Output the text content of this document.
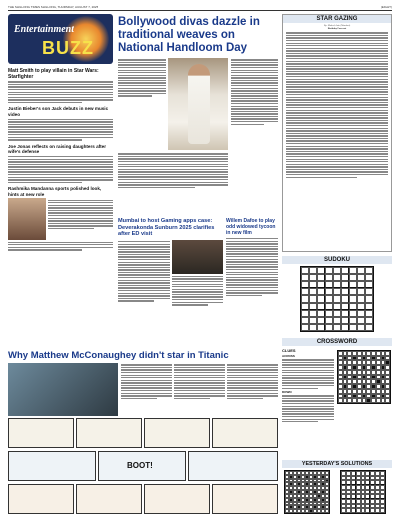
THE SHILLONG TIMES SHILLONG, THURSDAY, AUGUST 7, 2025	(EIGHT)
Entertainment
BUZZ
Bollywood divas dazzle in traditional weaves on National Handloom Day
Matt Smith to play villain in Star Wars: Starfighter
Justin Bieber's son Jack debuts in new music video
Joe Jonas reflects on raising daughters after wife's defense
Rashmika Mandanna sports polished look, hints at new role
Mumbai to host Gaming apps case: Deverakonda Sunburn 2025 clarifies after ED visit
Willem Dafoe to play odd widowed tycoon in new film
Why Matthew McConaughey didn't star in Titanic
BOOT!
STAR GAZING
By: Mahesh Jain (Mumbai)
Birthday Forecast
SUDOKU
CROSSWORD
CLUES
ACROSS
DOWN
YESTERDAY'S SOLUTIONS
